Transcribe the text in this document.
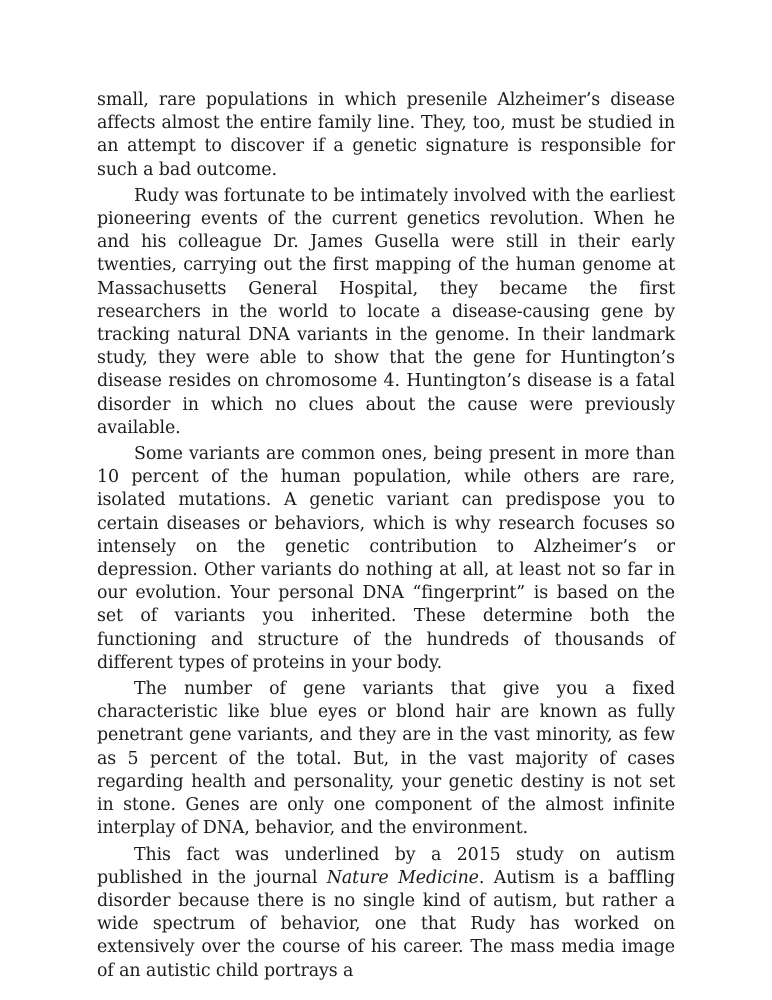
small, rare populations in which presenile Alzheimer’s disease affects almost the entire family line. They, too, must be studied in an attempt to discover if a genetic signature is responsible for such a bad outcome.

Rudy was fortunate to be intimately involved with the earliest pioneering events of the current genetics revolution. When he and his colleague Dr. James Gusella were still in their early twenties, carrying out the first mapping of the human genome at Massachusetts General Hospital, they became the first researchers in the world to locate a disease-causing gene by tracking natural DNA variants in the genome. In their landmark study, they were able to show that the gene for Huntington’s disease resides on chromosome 4. Huntington’s disease is a fatal disorder in which no clues about the cause were previously available.

Some variants are common ones, being present in more than 10 percent of the human population, while others are rare, isolated mutations. A genetic variant can predispose you to certain diseases or behaviors, which is why research focuses so intensely on the genetic contribution to Alzheimer’s or depression. Other variants do nothing at all, at least not so far in our evolution. Your personal DNA “fingerprint” is based on the set of variants you inherited. These determine both the functioning and structure of the hundreds of thousands of different types of proteins in your body.

The number of gene variants that give you a fixed characteristic like blue eyes or blond hair are known as fully penetrant gene variants, and they are in the vast minority, as few as 5 percent of the total. But, in the vast majority of cases regarding health and personality, your genetic destiny is not set in stone. Genes are only one component of the almost infinite interplay of DNA, behavior, and the environment.

This fact was underlined by a 2015 study on autism published in the journal Nature Medicine. Autism is a baffling disorder because there is no single kind of autism, but rather a wide spectrum of behavior, one that Rudy has worked on extensively over the course of his career. The mass media image of an autistic child portrays a
